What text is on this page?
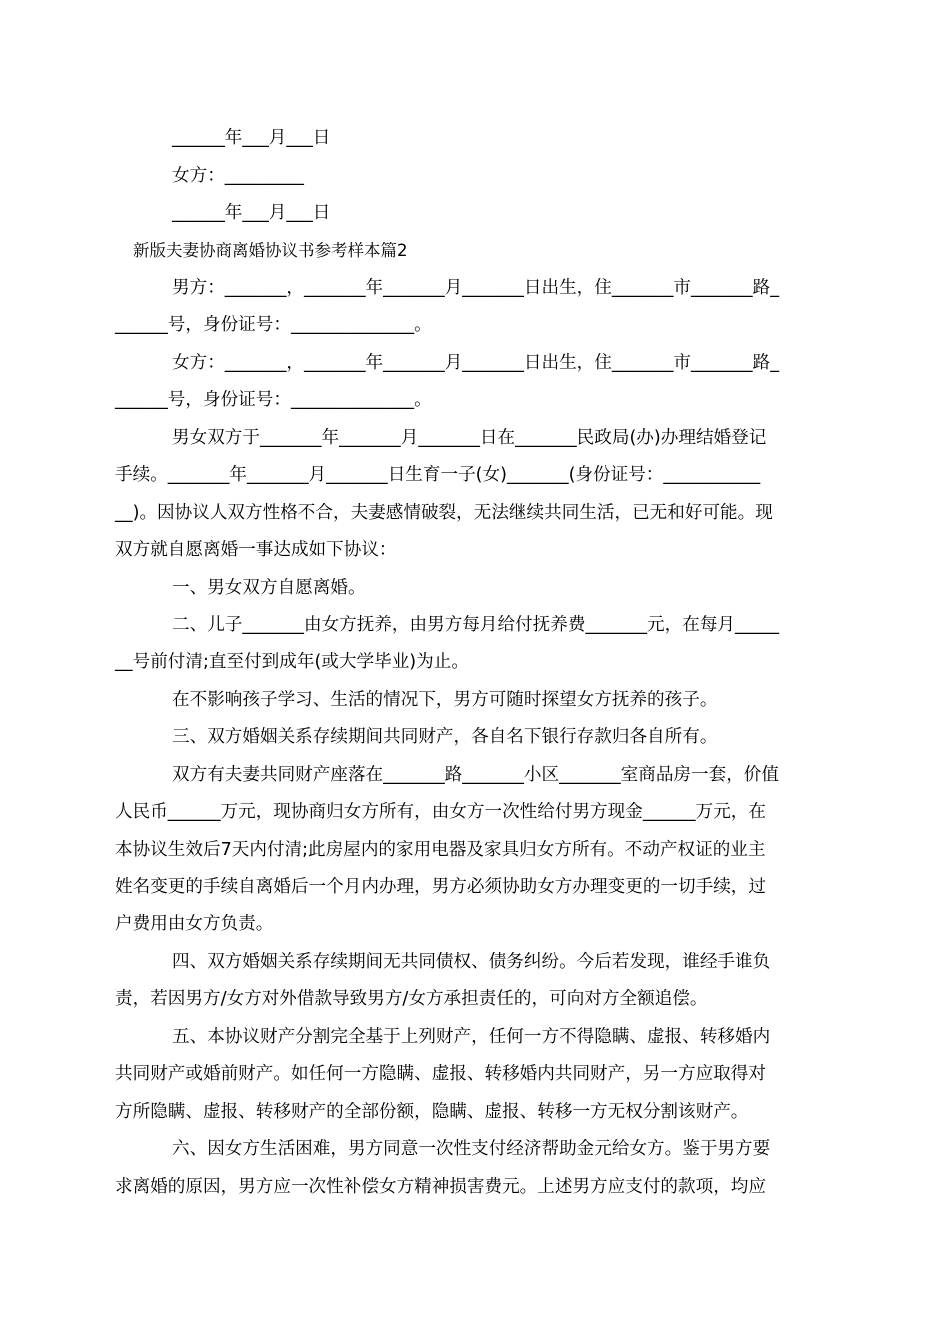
______年___月___日
女方：_________
______年___月___日
新版夫妻协商离婚协议书参考样本篇2
男方：_______，_______年_______月_______日出生，住_______市_______路_
______号，身份证号：______________。
女方：_______，_______年_______月_______日出生，住_______市_______路_
______号，身份证号：______________。
男女双方于_______年_______月_______日在_______民政局(办)办理结婚登记
手续。_______年_______月_______日生育一子(女)_______(身份证号：___________
__)。因协议人双方性格不合，夫妻感情破裂，无法继续共同生活，已无和好可能。现
双方就自愿离婚一事达成如下协议：
一、男女双方自愿离婚。
二、儿子_______由女方抚养，由男方每月给付抚养费_______元，在每月_____
__号前付清;直至付到成年(或大学毕业)为止。
在不影响孩子学习、生活的情况下，男方可随时探望女方抚养的孩子。
三、双方婚姻关系存续期间共同财产，各自名下银行存款归各自所有。
双方有夫妻共同财产座落在_______路_______小区_______室商品房一套，价值
人民币______万元，现协商归女方所有，由女方一次性给付男方现金______万元，在
本协议生效后7天内付清;此房屋内的家用电器及家具归女方所有。不动产权证的业主
姓名变更的手续自离婚后一个月内办理，男方必须协助女方办理变更的一切手续，过
户费用由女方负责。
四、双方婚姻关系存续期间无共同债权、债务纠纷。今后若发现，谁经手谁负
责，若因男方/女方对外借款导致男方/女方承担责任的，可向对方全额追偿。
五、本协议财产分割完全基于上列财产，任何一方不得隐瞒、虚报、转移婚内
共同财产或婚前财产。如任何一方隐瞒、虚报、转移婚内共同财产，另一方应取得对
方所隐瞒、虚报、转移财产的全部份额，隐瞒、虚报、转移一方无权分割该财产。
六、因女方生活困难，男方同意一次性支付经济帮助金元给女方。鉴于男方要
求离婚的原因，男方应一次性补偿女方精神损害费元。上述男方应支付的款项，均应
